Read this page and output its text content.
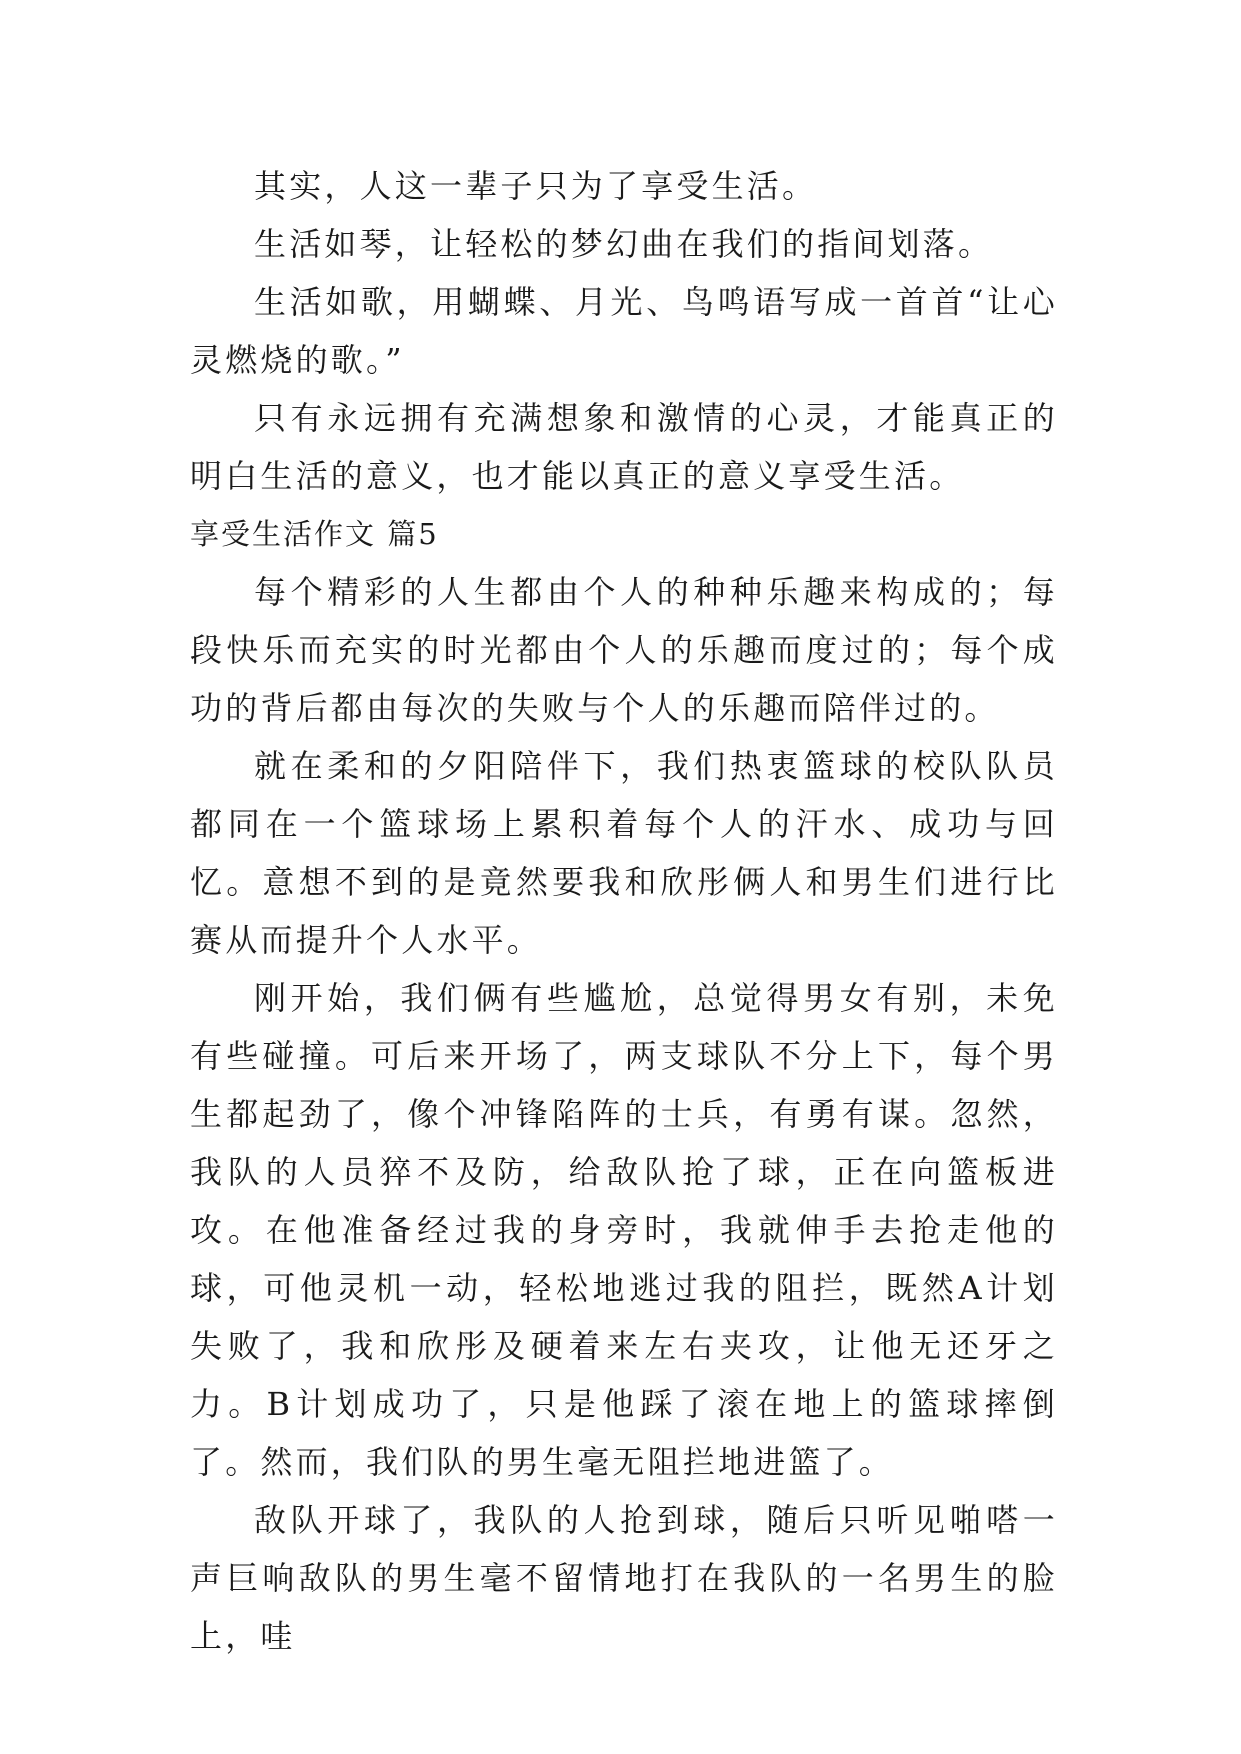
其实，人这一辈子只为了享受生活。

生活如琴，让轻松的梦幻曲在我们的指间划落。

生活如歌，用蝴蝶、月光、鸟鸣语写成一首首“让心灵燃烧的歌。”

只有永远拥有充满想象和激情的心灵，才能真正的明白生活的意义，也才能以真正的意义享受生活。

享受生活作文 篇5

每个精彩的人生都由个人的种种乐趣来构成的；每段快乐而充实的时光都由个人的乐趣而度过的；每个成功的背后都由每次的失败与个人的乐趣而陪伴过的。

就在柔和的夕阳陪伴下，我们热衷篮球的校队队员都同在一个篮球场上累积着每个人的汗水、成功与回忆。意想不到的是竟然要我和欣彤俩人和男生们进行比赛从而提升个人水平。

刚开始，我们俩有些尴尬，总觉得男女有别，未免有些碰撞。可后来开场了，两支球队不分上下，每个男生都起劲了，像个冲锋陷阵的士兵，有勇有谋。忽然，我队的人员猝不及防，给敌队抢了球，正在向篮板进攻。在他准备经过我的身旁时，我就伸手去抢走他的球，可他灵机一动，轻松地逃过我的阻拦，既然A计划失败了，我和欣彤及硬着来左右夹攻，让他无还牙之力。B计划成功了，只是他踩了滚在地上的篮球摔倒了。然而，我们队的男生毫无阻拦地进篮了。

敌队开球了，我队的人抢到球，随后只听见啪嗒一声巨响敌队的男生毫不留情地打在我队的一名男生的脸上，哇
